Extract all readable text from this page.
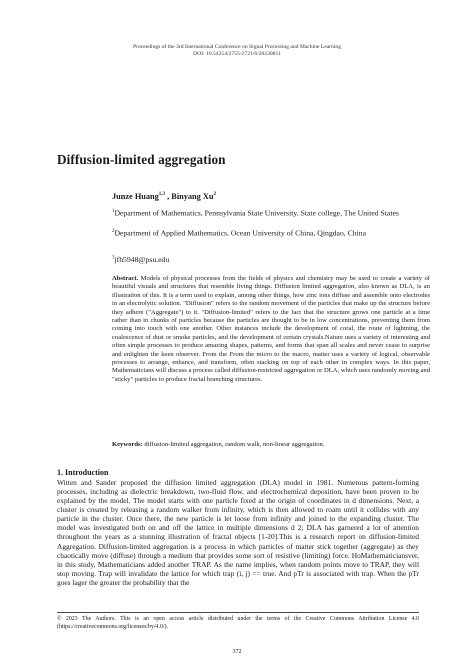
Proceedings of the 3rd International Conference on Signal Processing and Machine Learning
DOI: 10.54254/2755-2721/6/20230811
Diffusion-limited aggregation
Junze Huang$^{1,3}$ , Binyang Xu$^2$
$^1$Department of Mathematics, Pennsylvania State University, State college, The United States
$^2$Department of Applied Mathematics, Ocean University of China, Qingdao, China
$^3$jfh5948@psu.edu
Abstract. Models of physical processes from the fields of physics and chemistry may be used to create a variety of beautiful visuals and structures that resemble living things. Diffusion limited aggregation, also known as DLA, is an illustration of this. It is a term used to explain, among other things, how zinc ions diffuse and assemble onto electrodes in an electrolytic solution. "Diffusion" refers to the random movement of the particles that make up the structure before they adhere ("Aggregate") to it. "Diffusion-limited" refers to the fact that the structure grows one particle at a time rather than in chunks of particles because the particles are thought to be in low concentrations, preventing them from coming into touch with one another. Other instances include the development of coral, the route of lightning, the coalescence of dust or smoke particles, and the development of certain crystals.Nature uses a variety of interesting and often simple processes to produce amazing shapes, patterns, and forms that span all scales and never cease to surprise and enlighten the keen observer. From the From the micro to the macro, matter uses a variety of logical, observable processes to arrange, enhance, and transform, often stacking on top of each other in complex ways. In this paper, Mathematicians will discuss a process called diffusion-restricted aggregation or DLA, which uses randomly moving and "sticky" particles to produce fractal branching structures.
Keywords: diffusion-limited aggregation, random walk, non-linear aggregation.
1. Introduction
Witten and Sander proposed the diffusion limited aggregation (DLA) model in 1981. Numerous pattern-forming processes, including as dielectric breakdown, two-fluid flow, and electrochemical deposition, have been proven to be explained by the model. The model starts with one particle fixed at the origin of coordinates in d dimensions. Next, a cluster is created by releasing a random walker from infinity, which is then allowed to roam until it collides with any particle in the cluster. Once there, the new particle is let loose from infinity and joined to the expanding cluster. The model was investigated both on and off the lattice in multiple dimensions d 2; DLA has garnered a lot of attention throughout the years as a stunning illustration of fractal objects [1-20].This is a research report on diffusion-limited Aggregation. Diffusion-limited aggregation is a process in which particles of matter stick together (aggregate) as they chaotically move (diffuse) through a medium that provides some sort of resistive (limiting) force. HoMathematiciansver, in this study, Mathematicians added another TRAP. As the name implies, when random points move to TRAP, they will stop moving. Trap will invalidate the lattice for which trap (i, j) == true. And pTr is associated with trap. When the pTr goes lager the greater the probability that the
© 2023 The Authors. This is an open access article distributed under the terms of the Creative Commons Attribution License 4.0 (https://creativecommons.org/licenses/by/4.0/).
372
